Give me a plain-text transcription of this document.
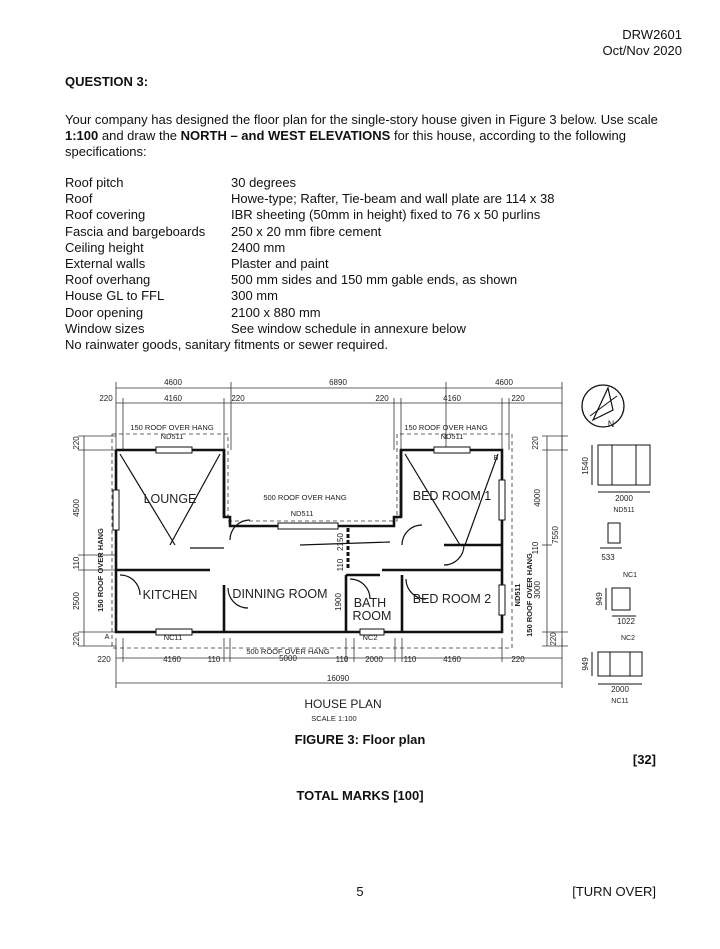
DRW2601
Oct/Nov 2020
QUESTION 3:
Your company has designed the floor plan for the single-story house given in Figure 3 below. Use scale 1:100 and draw the NORTH – and WEST ELEVATIONS for this house, according to the following specifications:
Roof pitch	30 degrees
Roof	Howe-type; Rafter, Tie-beam and wall plate are 114 x 38
Roof covering	IBR sheeting (50mm in height) fixed to 76 x 50 purlins
Fascia and bargeboards	250 x 20 mm fibre cement
Ceiling height	2400 mm
External walls	Plaster and paint
Roof overhang	500 mm sides and 150 mm gable ends, as shown
House GL to FFL	300 mm
Door opening	2100 x 880 mm
Window sizes	See window schedule in annexure below
No rainwater goods, sanitary fitments or sewer required.
4600	6890	4600
220	4160	220	220	4160	220
220	4160	110	5000	110 2000	110	4160	220
16090
220
4500
110
2500
220
220
4000
7550
110
3000
220
2150
110
1900
150 ROOF OVER HANG
ND511
150 ROOF OVER HANG
ND511
500 ROOF OVER HANG
ND511
500 ROOF OVER HANG
NC11	NC2
A
B
150 ROOF OVER HANG	150 ROOF OVER HANG
ND511
LOUNGE	BED ROOM 1
KITCHEN	DINNING ROOM
BATH
ROOM
BED ROOM 2
HOUSE PLAN
SCALE 1:100
N
1540
2000
ND511
533
NC1
949
1022
NC2
949
2000
NC11
FIGURE 3: Floor plan
[32]
TOTAL MARKS [100]
5	[TURN OVER]
